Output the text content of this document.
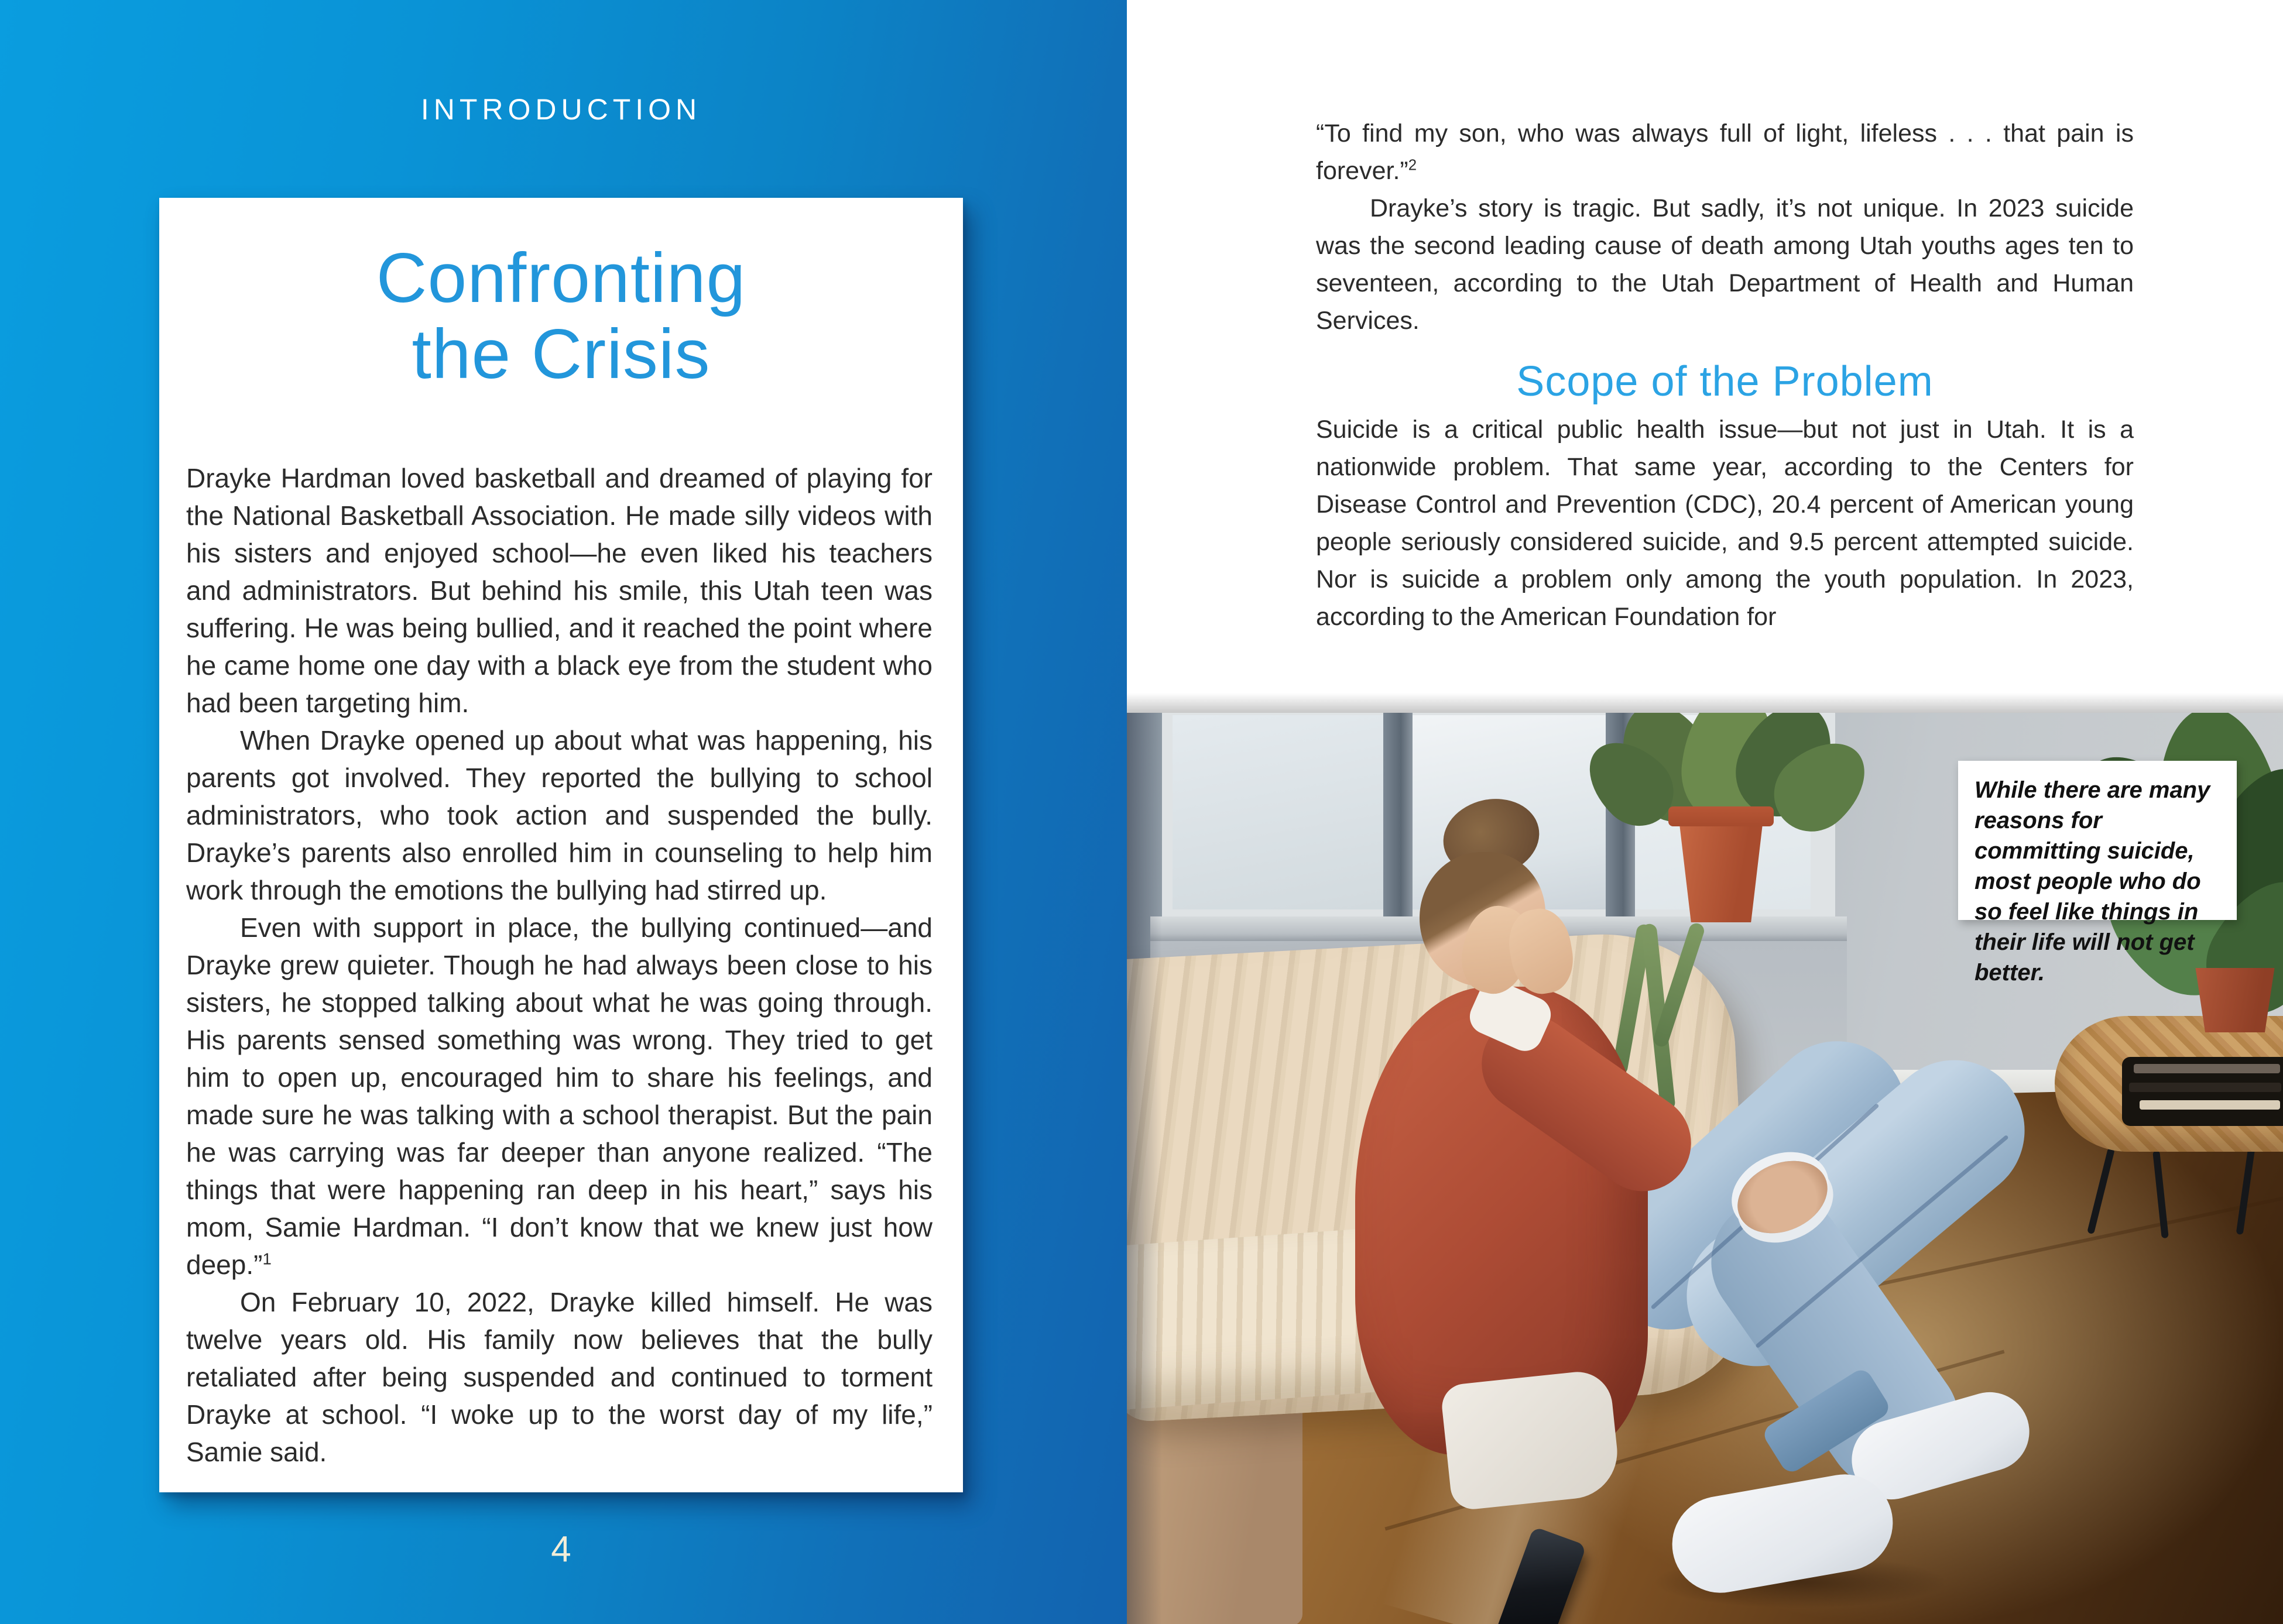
INTRODUCTION
Confronting
the Crisis

Drayke Hardman loved basketball and dreamed of playing for the National Basketball Association. He made silly videos with his sisters and enjoyed school—he even liked his teachers and administrators. But behind his smile, this Utah teen was suffering. He was being bullied, and it reached the point where he came home one day with a black eye from the student who had been targeting him.

When Drayke opened up about what was happening, his parents got involved. They reported the bullying to school administrators, who took action and suspended the bully. Drayke’s parents also enrolled him in counseling to help him work through the emotions the bullying had stirred up.

Even with support in place, the bullying continued—and Drayke grew quieter. Though he had always been close to his sisters, he stopped talking about what he was going through. His parents sensed something was wrong. They tried to get him to open up, encouraged him to share his feelings, and made sure he was talking with a school therapist. But the pain he was carrying was far deeper than anyone realized. “The things that were happening ran deep in his heart,” says his mom, Samie Hardman. “I don’t know that we knew just how deep.”$^1$

On February 10, 2022, Drayke killed himself. He was twelve years old. His family now believes that the bully retaliated after being suspended and continued to torment Drayke at school. “I woke up to the worst day of my life,” Samie said.

4

“To find my son, who was always full of light, lifeless . . . that pain is forever.”$^2$

Drayke’s story is tragic. But sadly, it’s not unique. In 2023 suicide was the second leading cause of death among Utah youths ages ten to seventeen, according to the Utah Department of Health and Human Services.

Scope of the Problem

Suicide is a critical public health issue—but not just in Utah. It is a nationwide problem. That same year, according to the Centers for Disease Control and Prevention (CDC), 20.4 percent of American young people seriously considered suicide, and 9.5 percent attempted suicide. Nor is suicide a problem only among the youth population. In 2023, according to the American Foundation for

While there are many reasons for committing suicide, most people who do so feel like things in their life will not get better.
